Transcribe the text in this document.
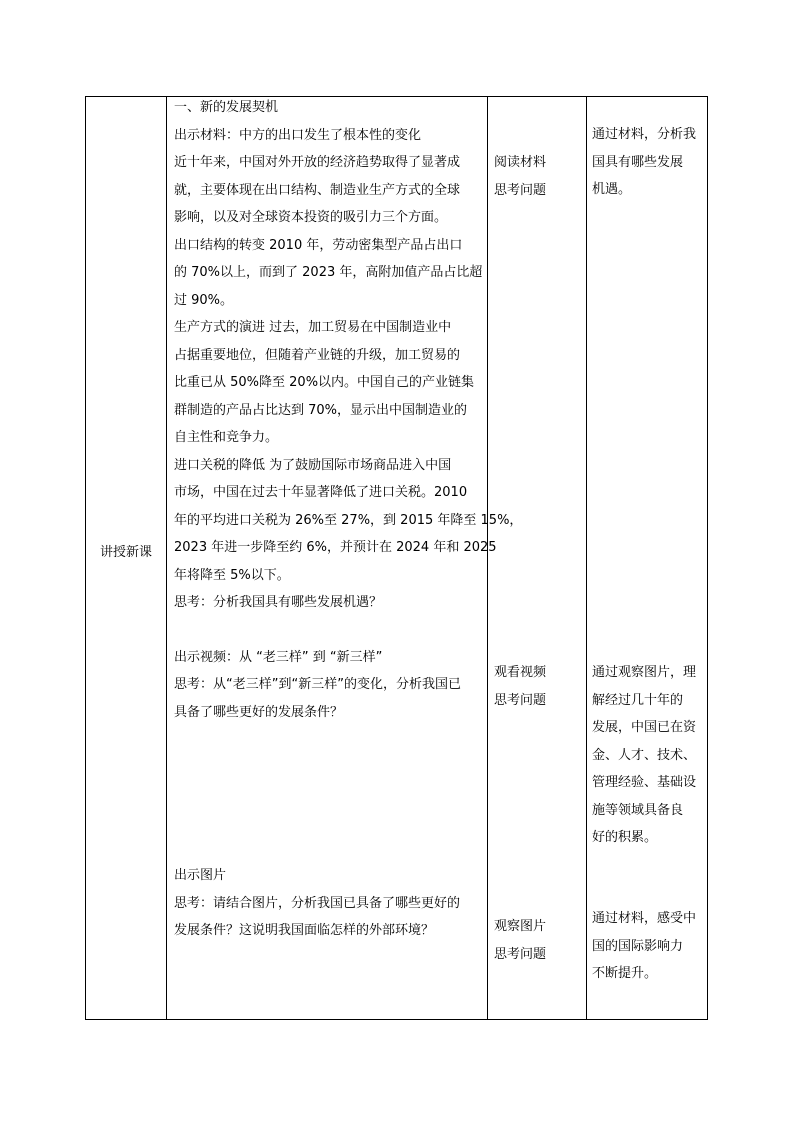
讲授新课

一、新的发展契机

出示材料：中方的出口发生了根本性的变化

近十年来，中国对外开放的经济趋势取得了显著成

就，主要体现在出口结构、制造业生产方式的全球

影响，以及对全球资本投资的吸引力三个方面。

出口结构的转变 2010 年，劳动密集型产品占出口

的 70%以上，而到了 2023 年，高附加值产品占比超

过 90%。

生产方式的演进 过去，加工贸易在中国制造业中

占据重要地位，但随着产业链的升级，加工贸易的

比重已从 50%降至 20%以内。中国自己的产业链集

群制造的产品占比达到 70%，显示出中国制造业的

自主性和竞争力。

进口关税的降低 为了鼓励国际市场商品进入中国

市场，中国在过去十年显著降低了进口关税。2010

年的平均进口关税为 26%至 27%，到 2015 年降至 15%，

2023 年进一步降至约 6%，并预计在 2024 年和 2025

年将降至 5%以下。

思考：分析我国具有哪些发展机遇？

出示视频：从 “老三样” 到 “新三样”

思考：从“老三样”到“新三样”的变化，分析我国已

具备了哪些更好的发展条件？

出示图片

思考：请结合图片，分析我国已具备了哪些更好的

发展条件？这说明我国面临怎样的外部环境？

阅读材料

思考问题

观看视频

思考问题

观察图片

思考问题

通过材料，分析我

国具有哪些发展

机遇。

通过观察图片，理

解经过几十年的

发展，中国已在资

金、人才、技术、

管理经验、基础设

施等领域具备良

好的积累。

通过材料，感受中

国的国际影响力

不断提升。
